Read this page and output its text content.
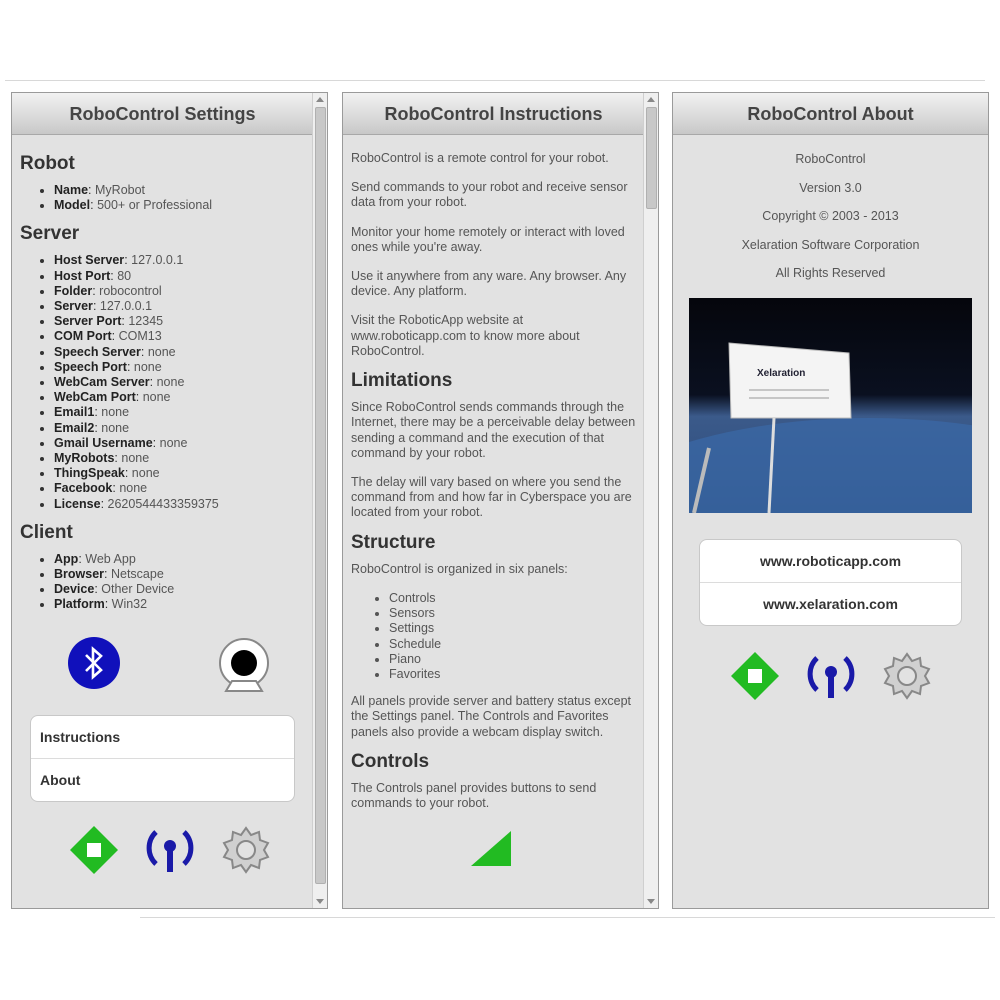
RoboControl Settings
Robot
• Name: MyRobot
• Model: 500+ or Professional
Server
• Host Server: 127.0.0.1
• Host Port: 80
• Folder: robocontrol
• Server: 127.0.0.1
• Server Port: 12345
• COM Port: COM13
• Speech Server: none
• Speech Port: none
• WebCam Server: none
• WebCam Port: none
• Email1: none
• Email2: none
• Gmail Username: none
• MyRobots: none
• ThingSpeak: none
• Facebook: none
• License: 2620544433359375
Client
• App: Web App
• Browser: Netscape
• Device: Other Device
• Platform: Win32
Instructions
About
RoboControl Instructions

RoboControl is a remote control for your robot.

Send commands to your robot and receive sensor data from your robot.

Monitor your home remotely or interact with loved ones while you're away.

Use it anywhere from any ware. Any browser. Any device. Any platform.

Visit the RoboticApp website at www.roboticapp.com to know more about RoboControl.

Limitations

Since RoboControl sends commands through the Internet, there may be a perceivable delay between sending a command and the execution of that command by your robot.

The delay will vary based on where you send the command from and how far in Cyberspace you are located from your robot.

Structure

RoboControl is organized in six panels:

• Controls
• Sensors
• Settings
• Schedule
• Piano
• Favorites

All panels provide server and battery status except the Settings panel. The Controls and Favorites panels also provide a webcam display switch.

Controls

The Controls panel provides buttons to send commands to your robot.

RoboControl About
RoboControl
Version 3.0
Copyright © 2003 - 2013
Xelaration Software Corporation
All Rights Reserved
Xelaration
www.roboticapp.com
www.xelaration.com
